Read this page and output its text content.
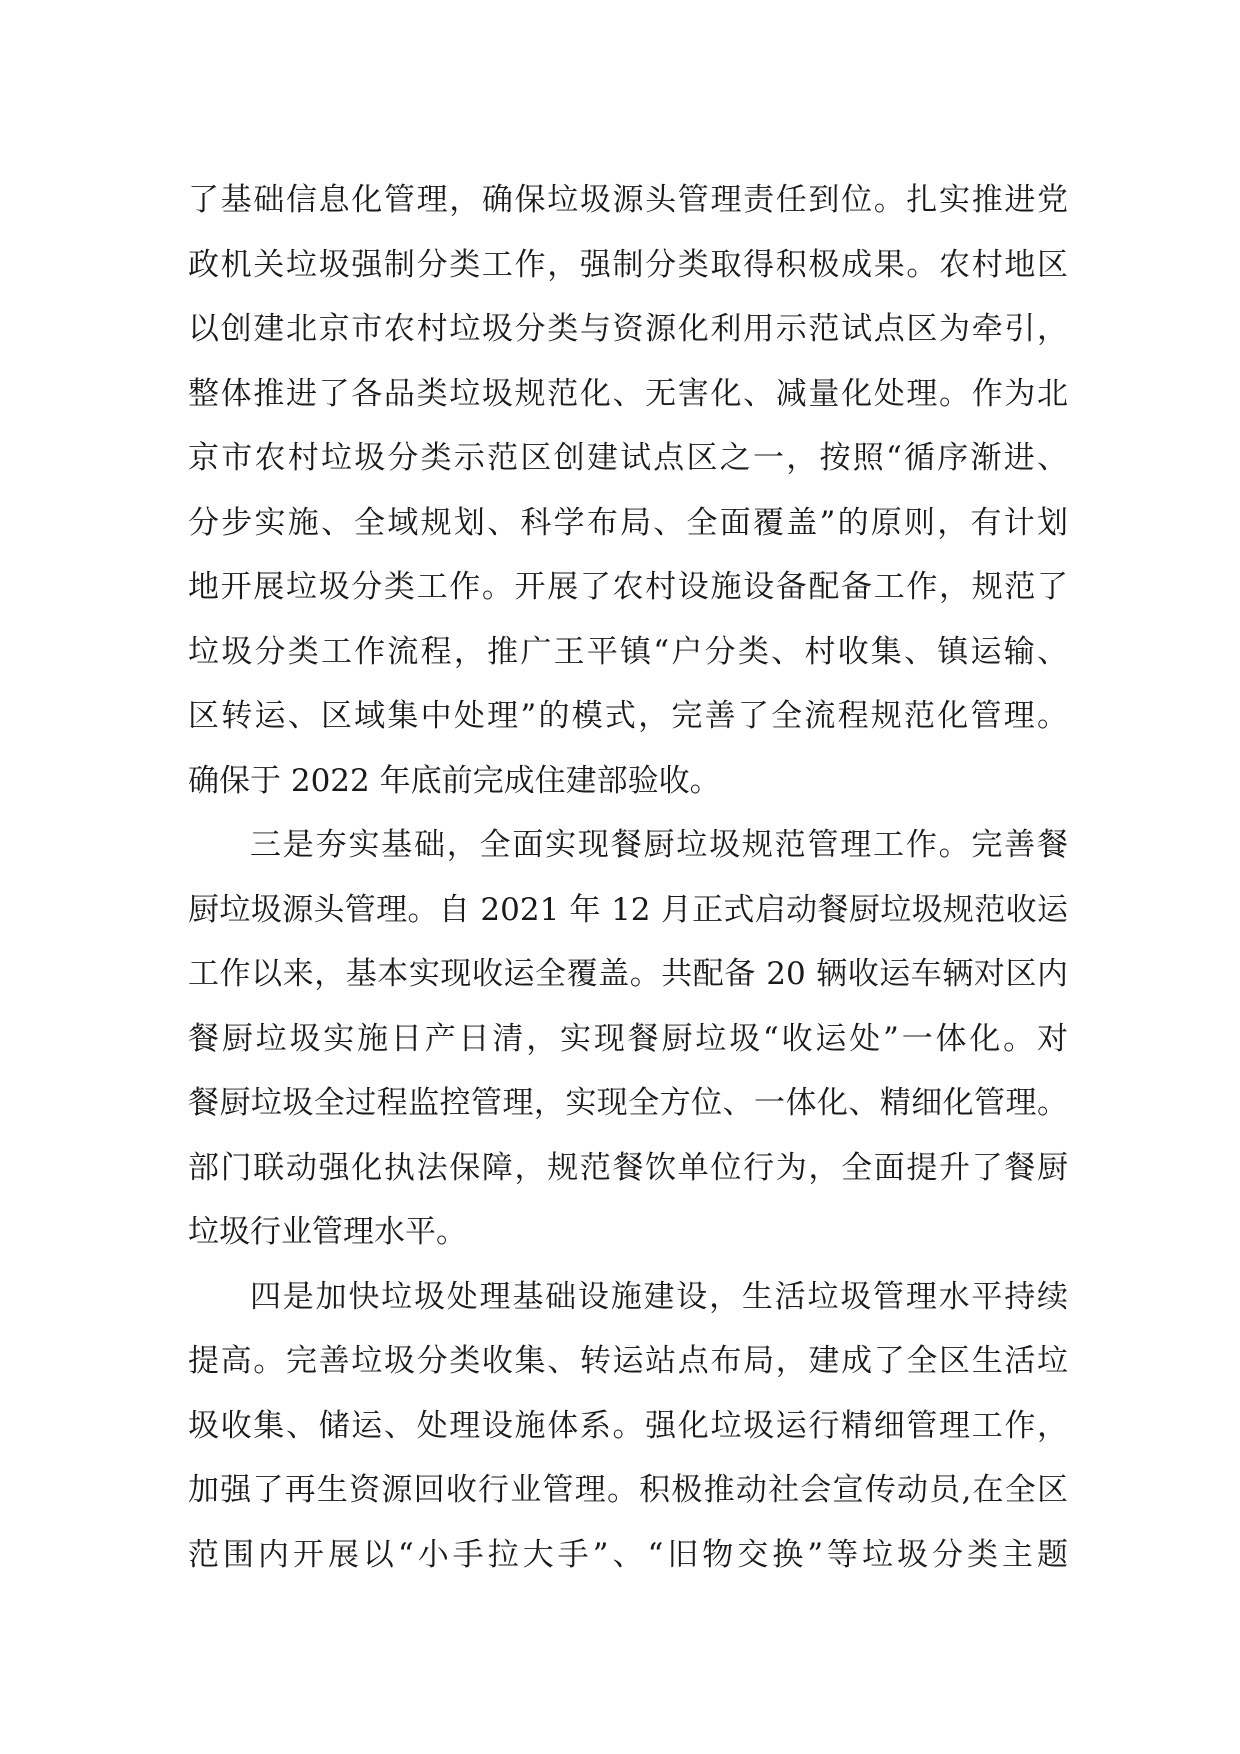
了基础信息化管理，确保垃圾源头管理责任到位。扎实推进党
政机关垃圾强制分类工作，强制分类取得积极成果。农村地区
以创建北京市农村垃圾分类与资源化利用示范试点区为牵引，
整体推进了各品类垃圾规范化、无害化、减量化处理。作为北
京市农村垃圾分类示范区创建试点区之一，按照“循序渐进、
分步实施、全域规划、科学布局、全面覆盖”的原则，有计划
地开展垃圾分类工作。开展了农村设施设备配备工作，规范了
垃圾分类工作流程，推广王平镇“户分类、村收集、镇运输、
区转运、区域集中处理”的模式，完善了全流程规范化管理。
确保于 2022 年底前完成住建部验收。
三是夯实基础，全面实现餐厨垃圾规范管理工作。完善餐
厨垃圾源头管理。自 2021 年 12 月正式启动餐厨垃圾规范收运
工作以来，基本实现收运全覆盖。共配备 20 辆收运车辆对区内
餐厨垃圾实施日产日清，实现餐厨垃圾“收运处”一体化。对
餐厨垃圾全过程监控管理，实现全方位、一体化、精细化管理。
部门联动强化执法保障，规范餐饮单位行为，全面提升了餐厨
垃圾行业管理水平。
四是加快垃圾处理基础设施建设，生活垃圾管理水平持续
提高。完善垃圾分类收集、转运站点布局，建成了全区生活垃
圾收集、储运、处理设施体系。强化垃圾运行精细管理工作，
加强了再生资源回收行业管理。积极推动社会宣传动员,在全区
范围内开展以“小手拉大手”、“旧物交换”等垃圾分类主题
